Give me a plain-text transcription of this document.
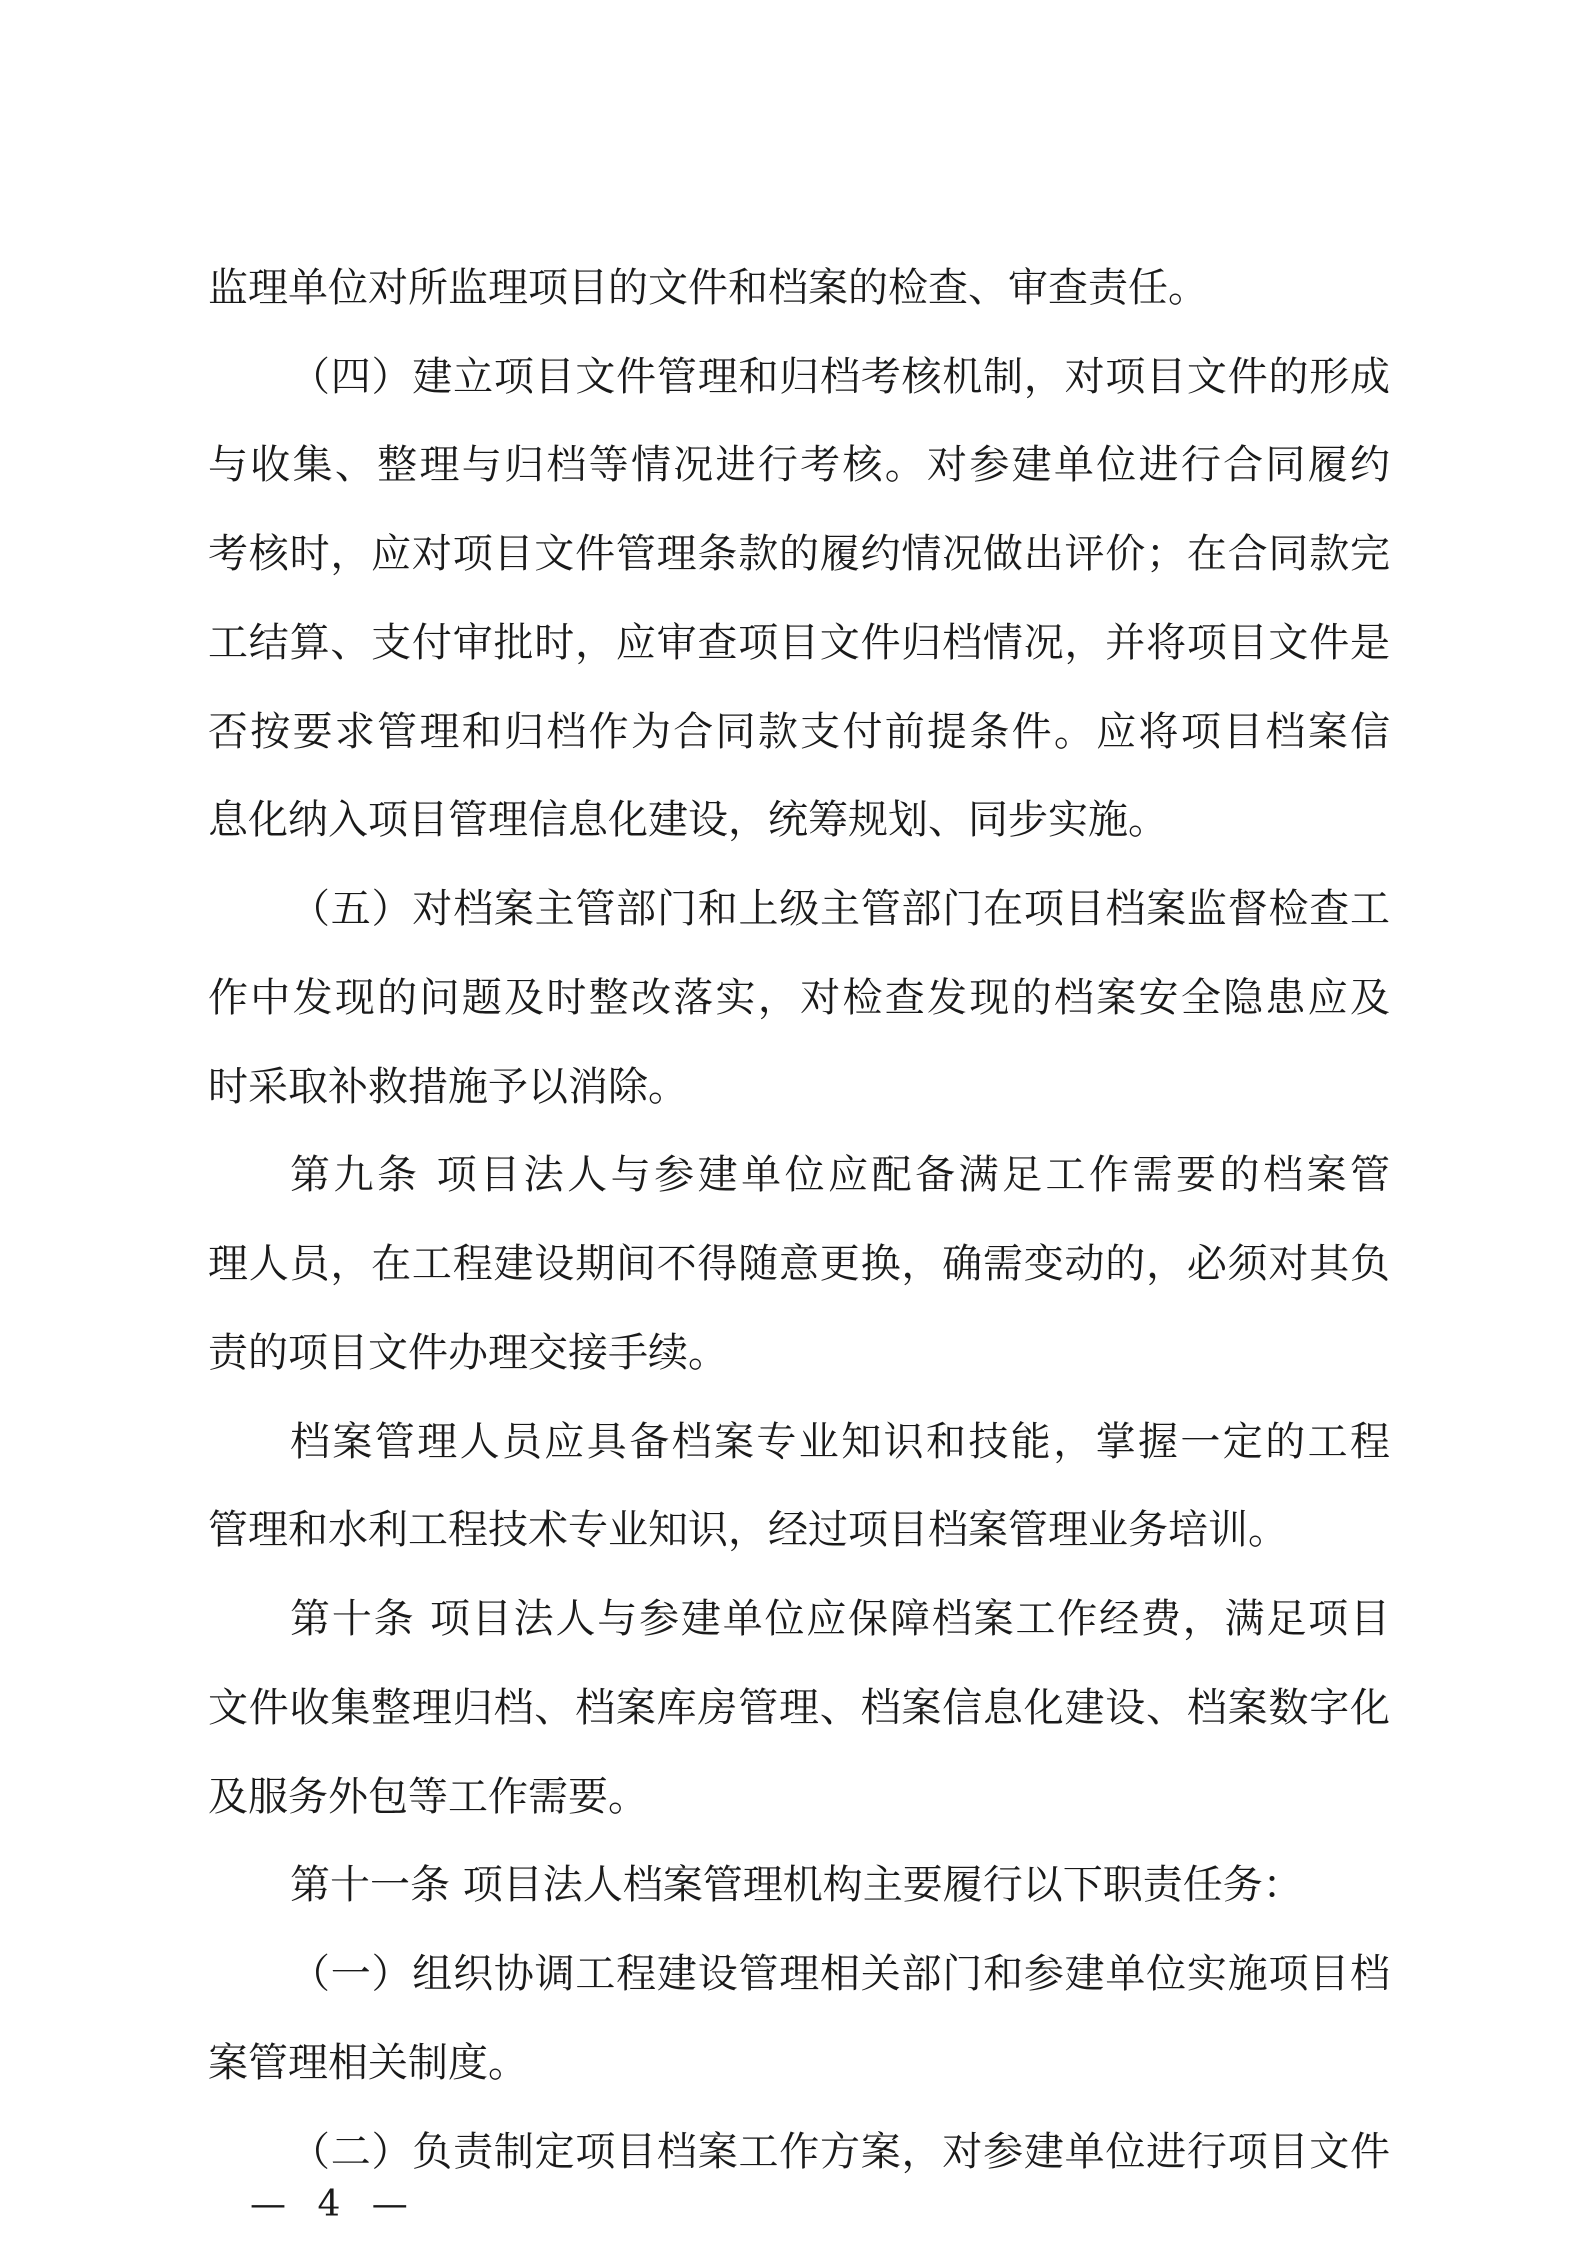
监理单位对所监理项目的文件和档案的检查、审查责任。
（四）建立项目文件管理和归档考核机制，对项目文件的形成
与收集、整理与归档等情况进行考核。对参建单位进行合同履约
考核时，应对项目文件管理条款的履约情况做出评价；在合同款完
工结算、支付审批时，应审查项目文件归档情况，并将项目文件是
否按要求管理和归档作为合同款支付前提条件。应将项目档案信
息化纳入项目管理信息化建设，统筹规划、同步实施。
（五）对档案主管部门和上级主管部门在项目档案监督检查工
作中发现的问题及时整改落实，对检查发现的档案安全隐患应及
时采取补救措施予以消除。
第九条 项目法人与参建单位应配备满足工作需要的档案管
理人员，在工程建设期间不得随意更换，确需变动的，必须对其负
责的项目文件办理交接手续。
档案管理人员应具备档案专业知识和技能，掌握一定的工程
管理和水利工程技术专业知识，经过项目档案管理业务培训。
第十条 项目法人与参建单位应保障档案工作经费，满足项目
文件收集整理归档、档案库房管理、档案信息化建设、档案数字化
及服务外包等工作需要。
第十一条 项目法人档案管理机构主要履行以下职责任务：
（一）组织协调工程建设管理相关部门和参建单位实施项目档
案管理相关制度。
（二）负责制定项目档案工作方案，对参建单位进行项目文件
— 4 —
